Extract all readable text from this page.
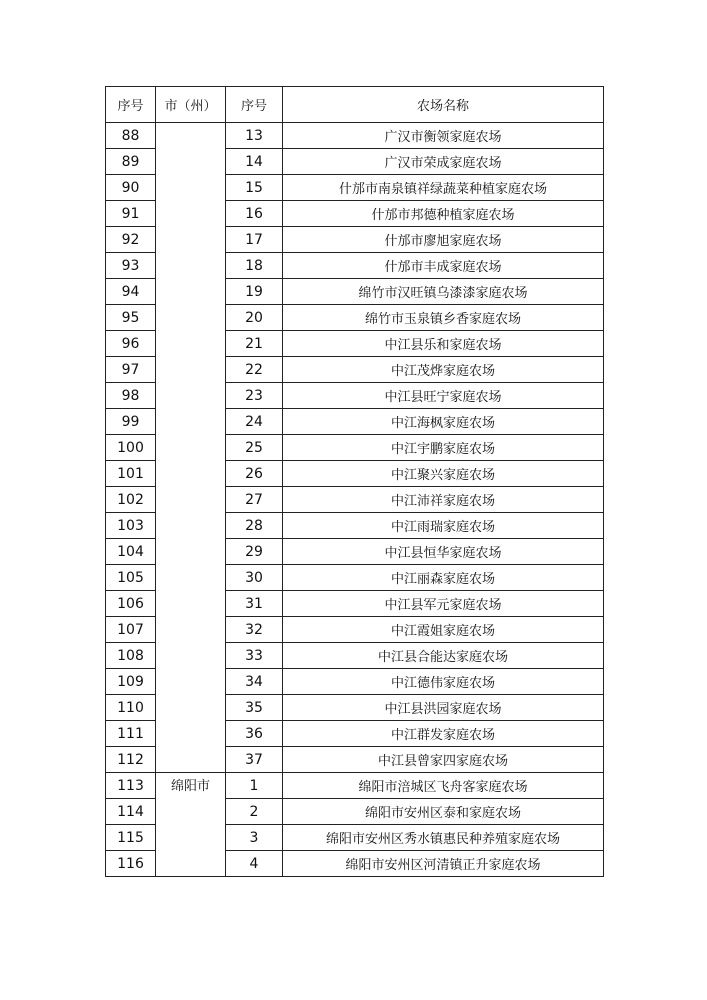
序号	市（州）	序号	农场名称
88		13	广汉市衡领家庭农场
89		14	广汉市荣成家庭农场
90		15	什邡市南泉镇祥绿蔬菜种植家庭农场
91		16	什邡市邦德种植家庭农场
92		17	什邡市廖旭家庭农场
93		18	什邡市丰成家庭农场
94		19	绵竹市汉旺镇乌漆漆家庭农场
95		20	绵竹市玉泉镇乡香家庭农场
96		21	中江县乐和家庭农场
97		22	中江茂烨家庭农场
98		23	中江县旺宁家庭农场
99		24	中江海枫家庭农场
100		25	中江宇鹏家庭农场
101		26	中江聚兴家庭农场
102		27	中江沛祥家庭农场
103		28	中江雨瑞家庭农场
104		29	中江县恒华家庭农场
105		30	中江丽森家庭农场
106		31	中江县军元家庭农场
107		32	中江霞姐家庭农场
108		33	中江县合能达家庭农场
109		34	中江德伟家庭农场
110		35	中江县洪园家庭农场
111		36	中江群发家庭农场
112		37	中江县曾家四家庭农场
113	绵阳市	1	绵阳市涪城区飞舟客家庭农场
114		2	绵阳市安州区泰和家庭农场
115		3	绵阳市安州区秀水镇惠民种养殖家庭农场
116		4	绵阳市安州区河清镇正升家庭农场
